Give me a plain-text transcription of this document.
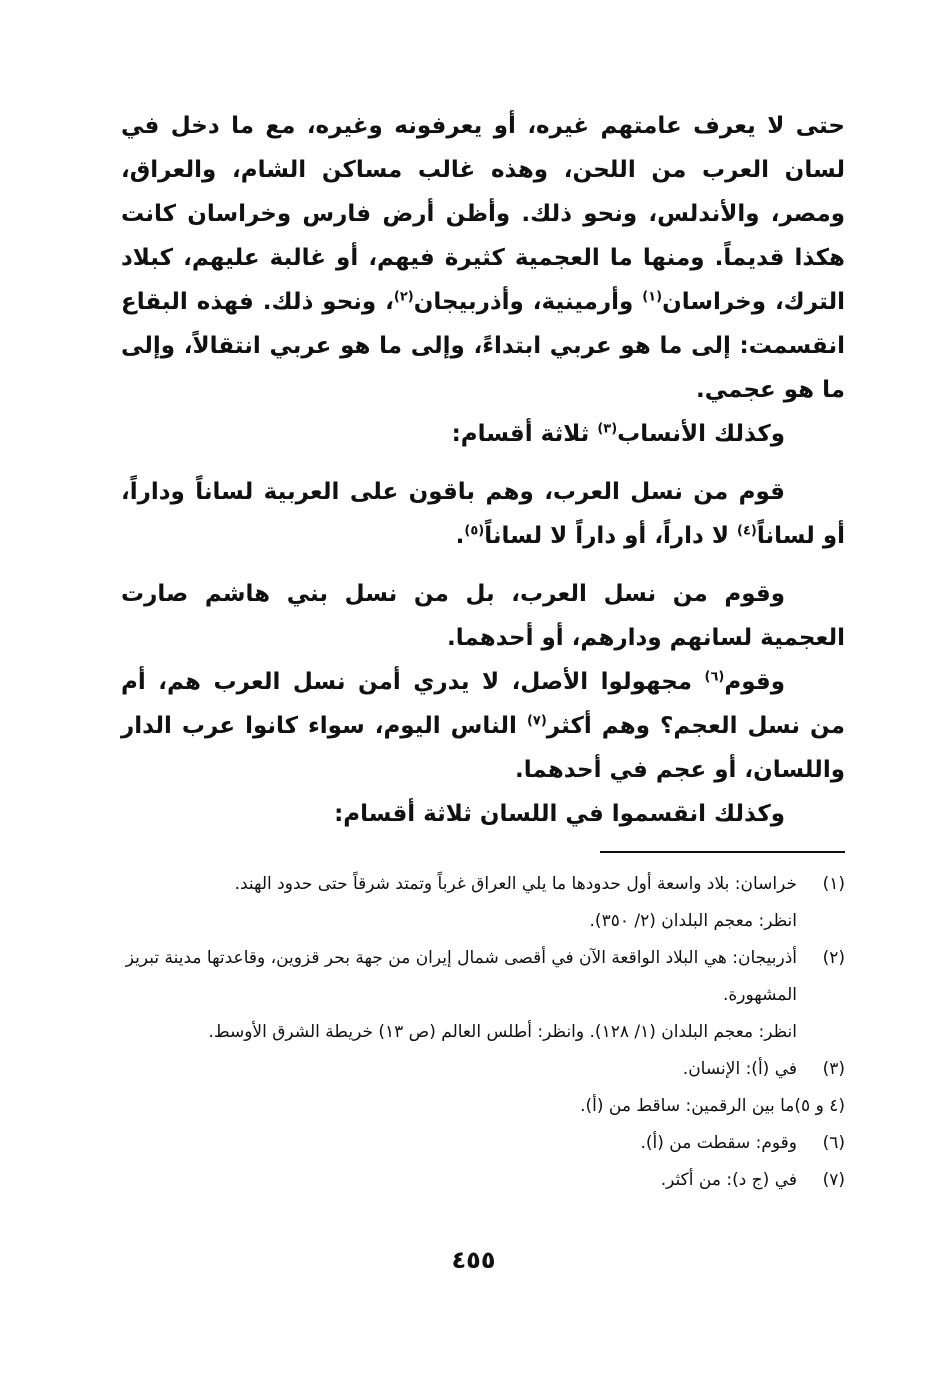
حتى لا يعرف عامتهم غيره، أو يعرفونه وغيره، مع ما دخل في لسان العرب من اللحن، وهذه غالب مساكن الشام، والعراق، ومصر، والأندلس، ونحو ذلك. وأظن أرض فارس وخراسان كانت هكذا قديماً. ومنها ما العجمية كثيرة فيهم، أو غالبة عليهم، كبلاد الترك، وخراسان$^{(١)}$ وأرمينية، وأذربيجان$^{(٢)}$، ونحو ذلك. فهذه البقاع انقسمت: إلى ما هو عربي ابتداءً، وإلى ما هو عربي انتقالاً، وإلى ما هو عجمي.

وكذلك الأنساب$^{(٣)}$ ثلاثة أقسام:

قوم من نسل العرب، وهم باقون على العربية لساناً وداراً، أو لساناً$^{(٤)}$ لا داراً، أو داراً لا لساناً$^{(٥)}$.

وقوم من نسل العرب، بل من نسل بني هاشم صارت العجمية لسانهم ودارهم، أو أحدهما.

وقوم$^{(٦)}$ مجهولوا الأصل، لا يدري أمن نسل العرب هم، أم من نسل العجم؟ وهم أكثر$^{(٧)}$ الناس اليوم، سواء كانوا عرب الدار واللسان، أو عجم في أحدهما.

وكذلك انقسموا في اللسان ثلاثة أقسام:

(١)
خراسان: بلاد واسعة أول حدودها ما يلي العراق غرباً وتمتد شرقاً حتى حدود الهند.
انظر: معجم البلدان (٢/ ٣٥٠).
(٢)
أذربيجان: هي البلاد الواقعة الآن في أقصى شمال إيران من جهة بحر قزوين، وقاعدتها مدينة تبريز المشهورة.
انظر: معجم البلدان (١/ ١٢٨). وانظر: أطلس العالم (ص ١٣) خريطة الشرق الأوسط.
(٣)
في (أ): الإنسان.
(٤ و ٥)
ما بين الرقمين: ساقط من (أ).
(٦)
وقوم: سقطت من (أ).
(٧)
في (ج د): من أكثر.
٤٥٥
